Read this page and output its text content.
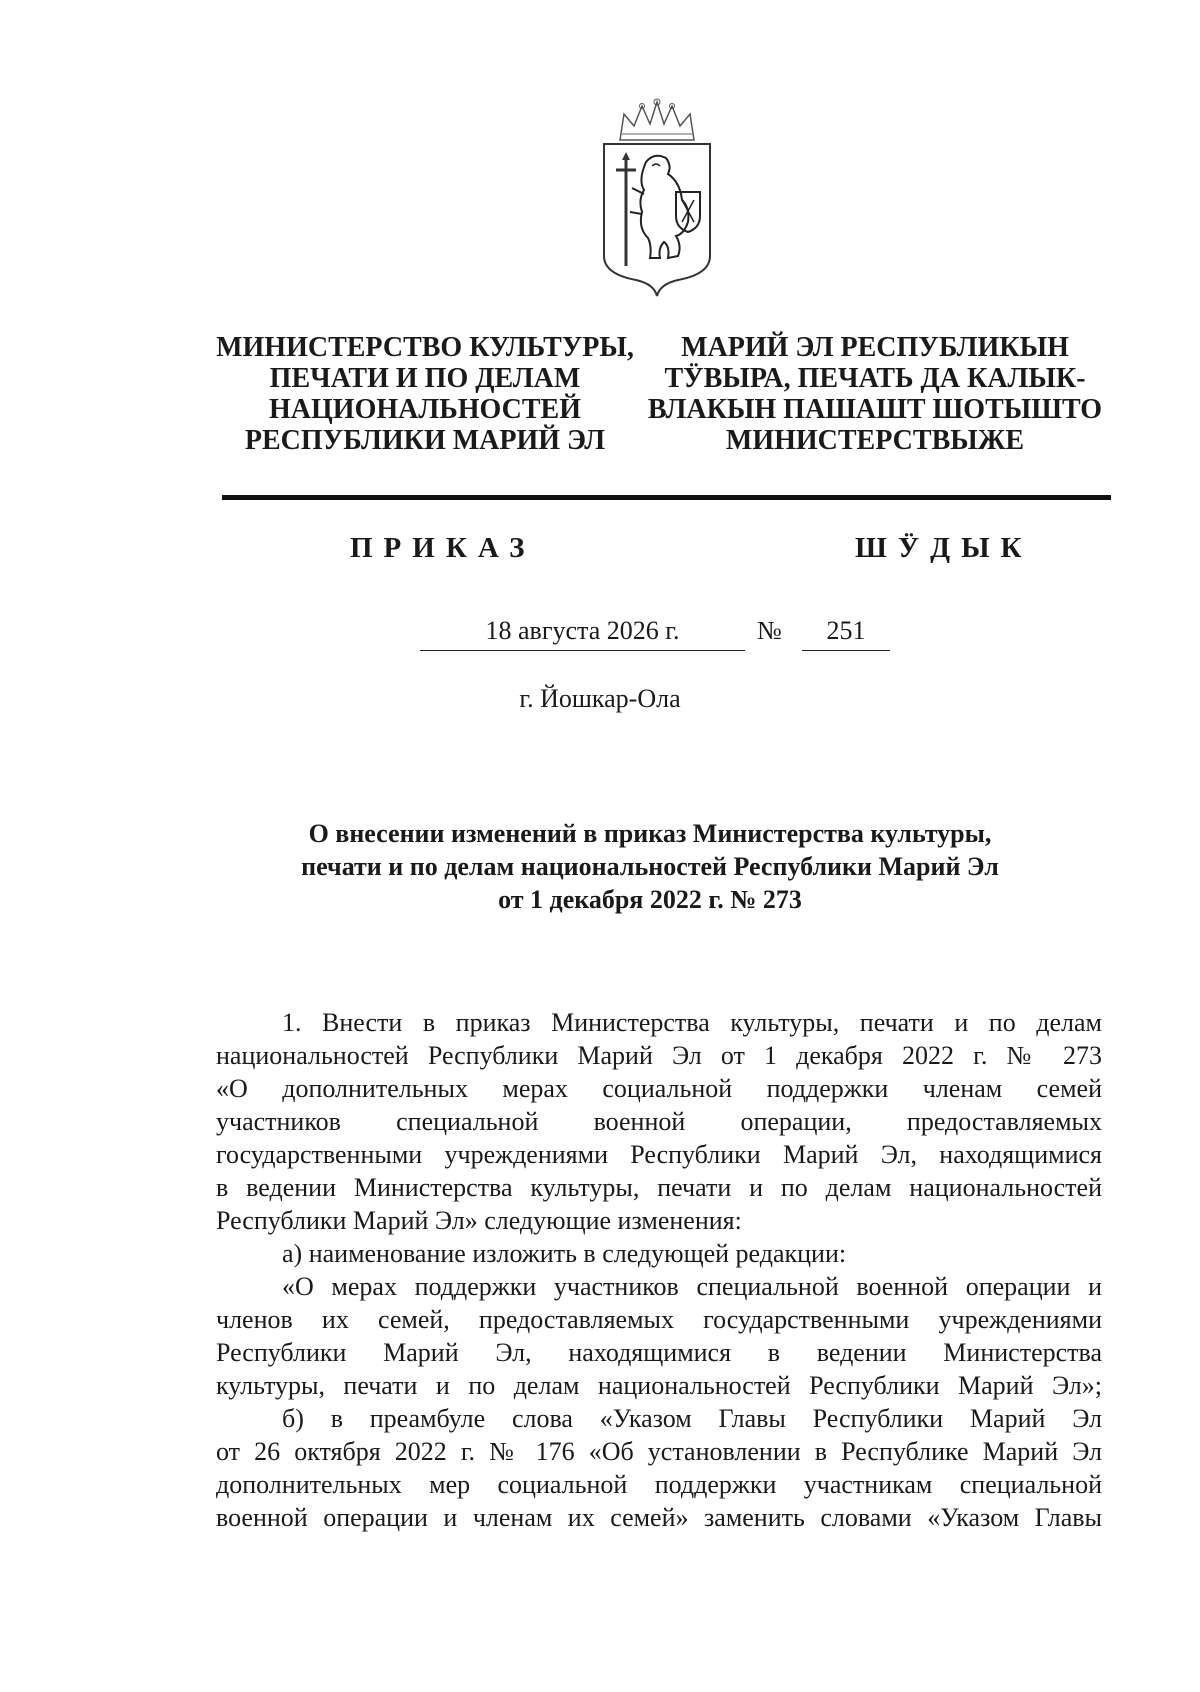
МИНИСТЕРСТВО КУЛЬТУРЫ,
ПЕЧАТИ И ПО ДЕЛАМ
НАЦИОНАЛЬНОСТЕЙ
РЕСПУБЛИКИ МАРИЙ ЭЛ
МАРИЙ ЭЛ РЕСПУБЛИКЫН
ТӰВЫРА, ПЕЧАТЬ ДА КАЛЫК-
ВЛАКЫН ПАШАШТ ШОТЫШТО
МИНИСТЕРСТВЫЖЕ
ПРИКАЗ	ШӰДЫК
18 августа 2026 г.	№	251
г. Йошкар-Ола
О внесении изменений в приказ Министерства культуры,
печати и по делам национальностей Республики Марий Эл
от 1 декабря 2022 г. № 273

1. Внести в приказ Министерства культуры, печати и по делам

национальностей Республики Марий Эл от 1 декабря 2022 г. № 273

«О дополнительных мерах социальной поддержки членам семей

участников специальной военной операции, предоставляемых

государственными учреждениями Республики Марий Эл, находящимися

в ведении Министерства культуры, печати и по делам национальностей

Республики Марий Эл» следующие изменения:

а) наименование изложить в следующей редакции:

«О мерах поддержки участников специальной военной операции и

членов их семей, предоставляемых государственными учреждениями

Республики Марий Эл, находящимися в ведении Министерства

культуры, печати и по делам национальностей Республики Марий Эл»;

б) в преамбуле слова «Указом Главы Республики Марий Эл

от 26 октября 2022 г. № 176 «Об установлении в Республике Марий Эл

дополнительных мер социальной поддержки участникам специальной

военной операции и членам их семей» заменить словами «Указом Главы
